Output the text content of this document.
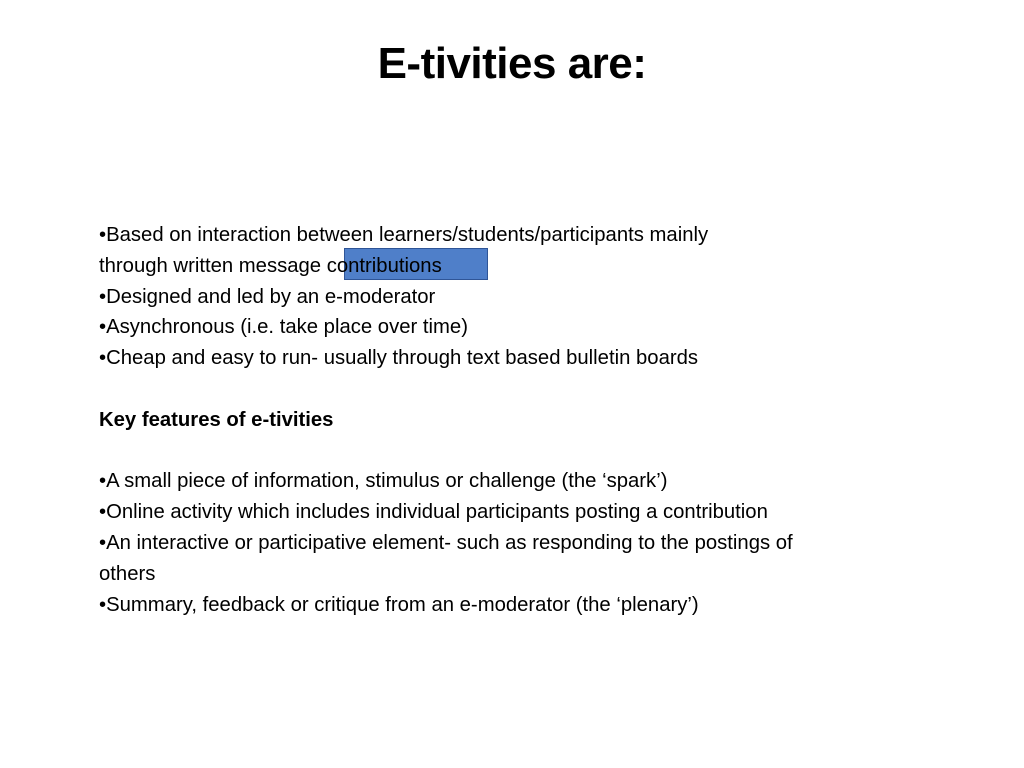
E-tivities are:
•Based on interaction between learners/students/participants mainly
through written message contributions
•Designed and led by an e-moderator
•Asynchronous (i.e. take place over time)
•Cheap and easy to run- usually through text based bulletin boards
Key features of e-tivities
•A small piece of information, stimulus or challenge (the ‘spark’)
•Online activity which includes individual participants posting a contribution
•An interactive or participative element- such as responding to the postings of
others
•Summary, feedback or critique from an e-moderator (the ‘plenary’)
